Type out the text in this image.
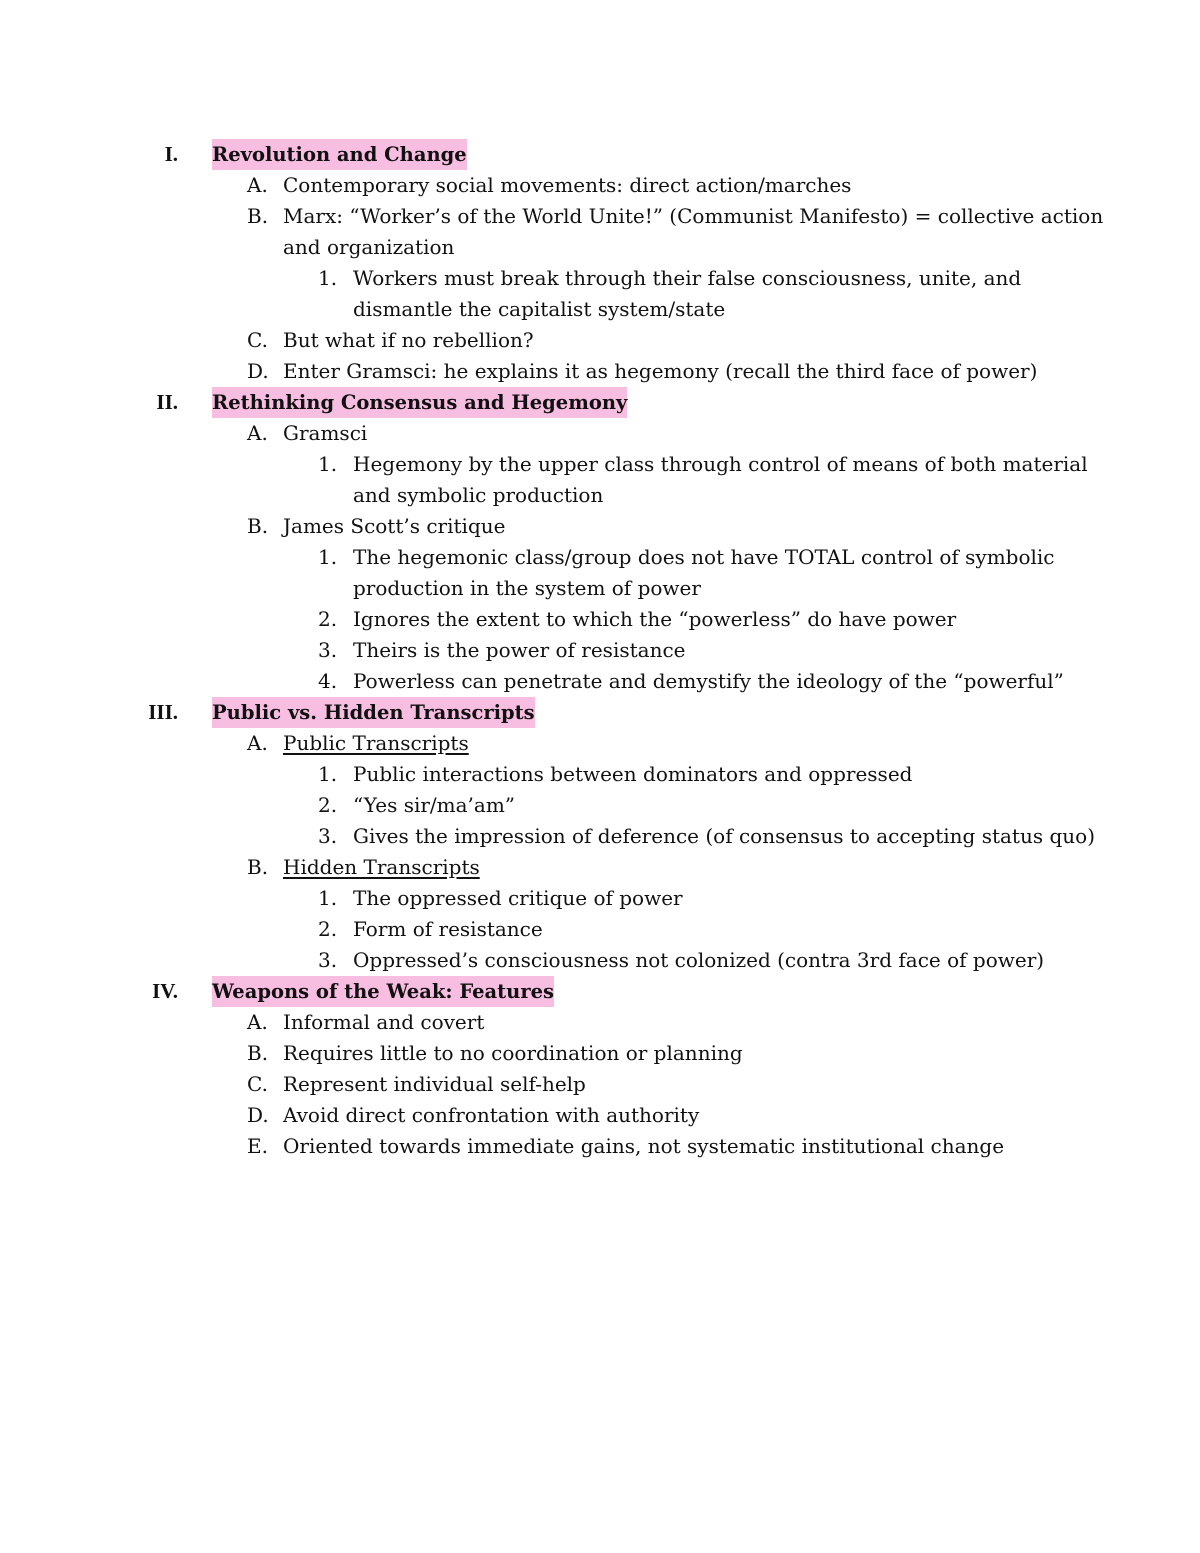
I. Revolution and Change
A. Contemporary social movements: direct action/marches
B. Marx: “Worker’s of the World Unite!” (Communist Manifesto) = collective action
and organization
1. Workers must break through their false consciousness, unite, and
dismantle the capitalist system/state
C. But what if no rebellion?
D. Enter Gramsci: he explains it as hegemony (recall the third face of power)
II. Rethinking Consensus and Hegemony
A. Gramsci
1. Hegemony by the upper class through control of means of both material
and symbolic production
B. James Scott’s critique
1. The hegemonic class/group does not have TOTAL control of symbolic
production in the system of power
2. Ignores the extent to which the “powerless” do have power
3. Theirs is the power of resistance
4. Powerless can penetrate and demystify the ideology of the “powerful”
III. Public vs. Hidden Transcripts
A. Public Transcripts
1. Public interactions between dominators and oppressed
2. “Yes sir/ma’am”
3. Gives the impression of deference (of consensus to accepting status quo)
B. Hidden Transcripts
1. The oppressed critique of power
2. Form of resistance
3. Oppressed’s consciousness not colonized (contra 3rd face of power)
IV. Weapons of the Weak: Features
A. Informal and covert
B. Requires little to no coordination or planning
C. Represent individual self-help
D. Avoid direct confrontation with authority
E. Oriented towards immediate gains, not systematic institutional change
